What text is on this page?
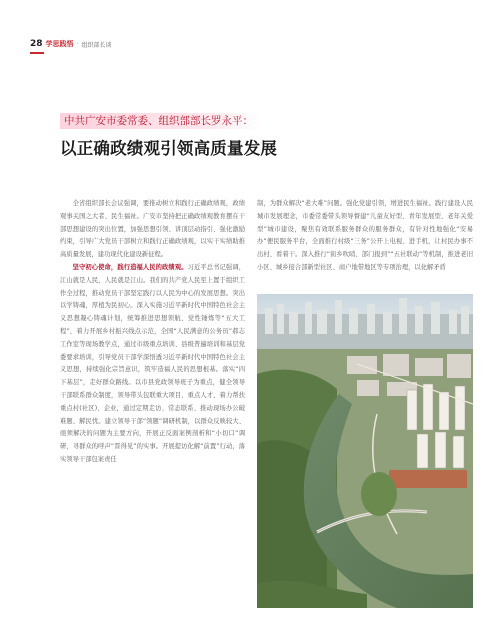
28 学思践悟 · 组织部长谈
中共广安市委常委、组织部部长罗永平：
以正确政绩观引领高质量发展

全省组织部长会议强调，要推动树立和践行正确政绩观，政绩观事关国之大者、民生福祉。广安市坚持把正确政绩观教育摆在干部思想建设的突出位置，加强思想引领、讲顶层动指引、强化激励约束，引导广大党员干部树立和践行正确政绩观，以实干实绩助推高质量发展，建功现代化建设新征程。

坚守初心使命，践行造福人民的政绩观。习近平总书记强调，江山就是人民，人民就是江山。我们的共产党人民至上置于组织工作全过程，推动党员干部坚定践行以人民为中心的发展思想。突出以学铸魂，厚植为民初心。深入实施习近平新时代中国特色社会主义思想凝心铸魂计划，统筹推进思想领航、党性锤炼等“五大工程”，着力开展乡村振兴线点示范，全国“人民满意的公务员”郝志工作室等现场教学点，通过市级重点培训、县级普遍培训和基层党委要求培训，引导党员干部学深悟透习近平新时代中国特色社会主义思想，持续强化宗旨意识，筑牢造福人民的思想根基。落实“四下基层”，走好群众路线。以市县党政领导班子为重点，健全领导干部联系群众制度，领导带头包联重大项目、重点人才，着力帮扶重点村(社区)、企业，通过定期走访、常态联系、推动现场办公破难题、解民忧。建立领导干部“领题”调研机制，以群众反映较大、亟须解决的问题为主要方向，开展正反面案例剖析和“小切口”调研，寻群众的呼声“晋得见”的实事。开展提访化解“前置”行动，落实领导干部包案责任

制，为群众解决“老大难”问题。强化党建引领，增进民生福祉。践行建设人民城市发展理念，市委常委带头领导督建“儿童友好型、青年发展型、老年关爱型”城市建设，聚焦有效联系服务群众的服务群众，有针对性地强化“安易办”便民服务平台，全面推行村级“三务”公开上电视、进手机，让村民办事不出村、看着干。深入推行“街乡吹哨、部门报到”“五社联动”等机制，推进老旧小区、城乡接合部新型社区、商户地带地区等专项治理，以化解矛盾
